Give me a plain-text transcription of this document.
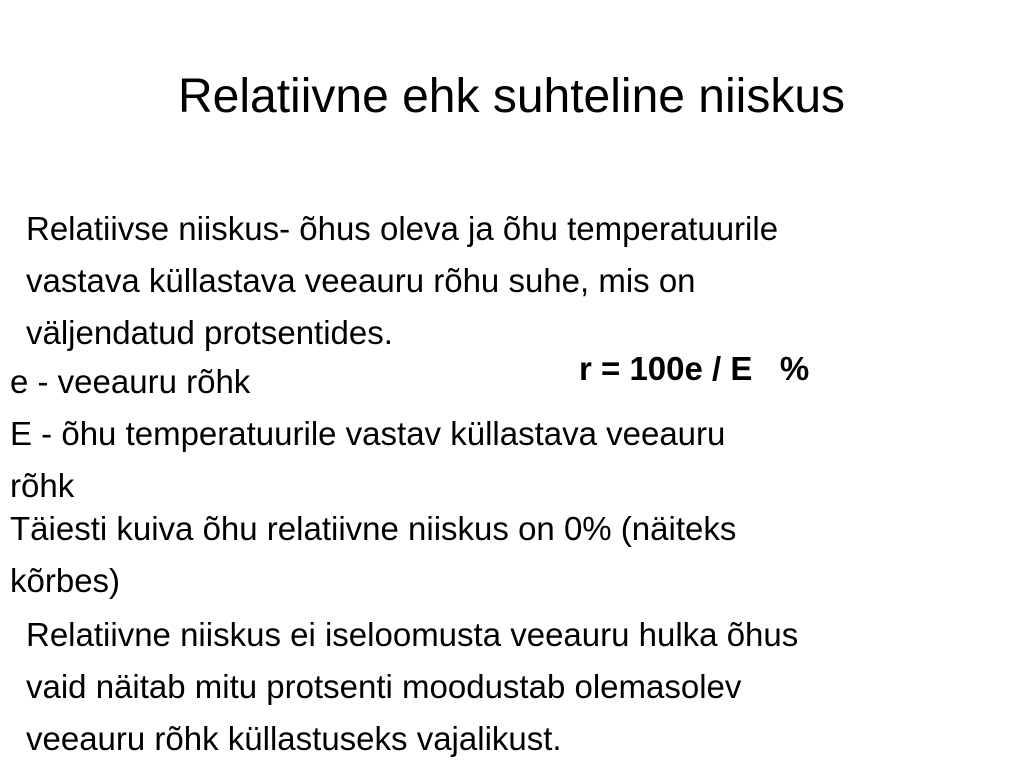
Relatiivne ehk suhteline niiskus
Relatiivse niiskus- õhus oleva ja õhu temperatuurile
vastava küllastava veeauru rõhu suhe, mis on
väljendatud protsentides.
r = 100e / E   %
e - veeauru rõhk
E - õhu temperatuurile vastav küllastava veeauru
rõhk
Täiesti kuiva õhu relatiivne niiskus on 0% (näiteks
kõrbes)
Relatiivne niiskus ei iseloomusta veeauru hulka õhus
vaid näitab mitu protsenti moodustab olemasolev
veeauru rõhk küllastuseks vajalikust.
